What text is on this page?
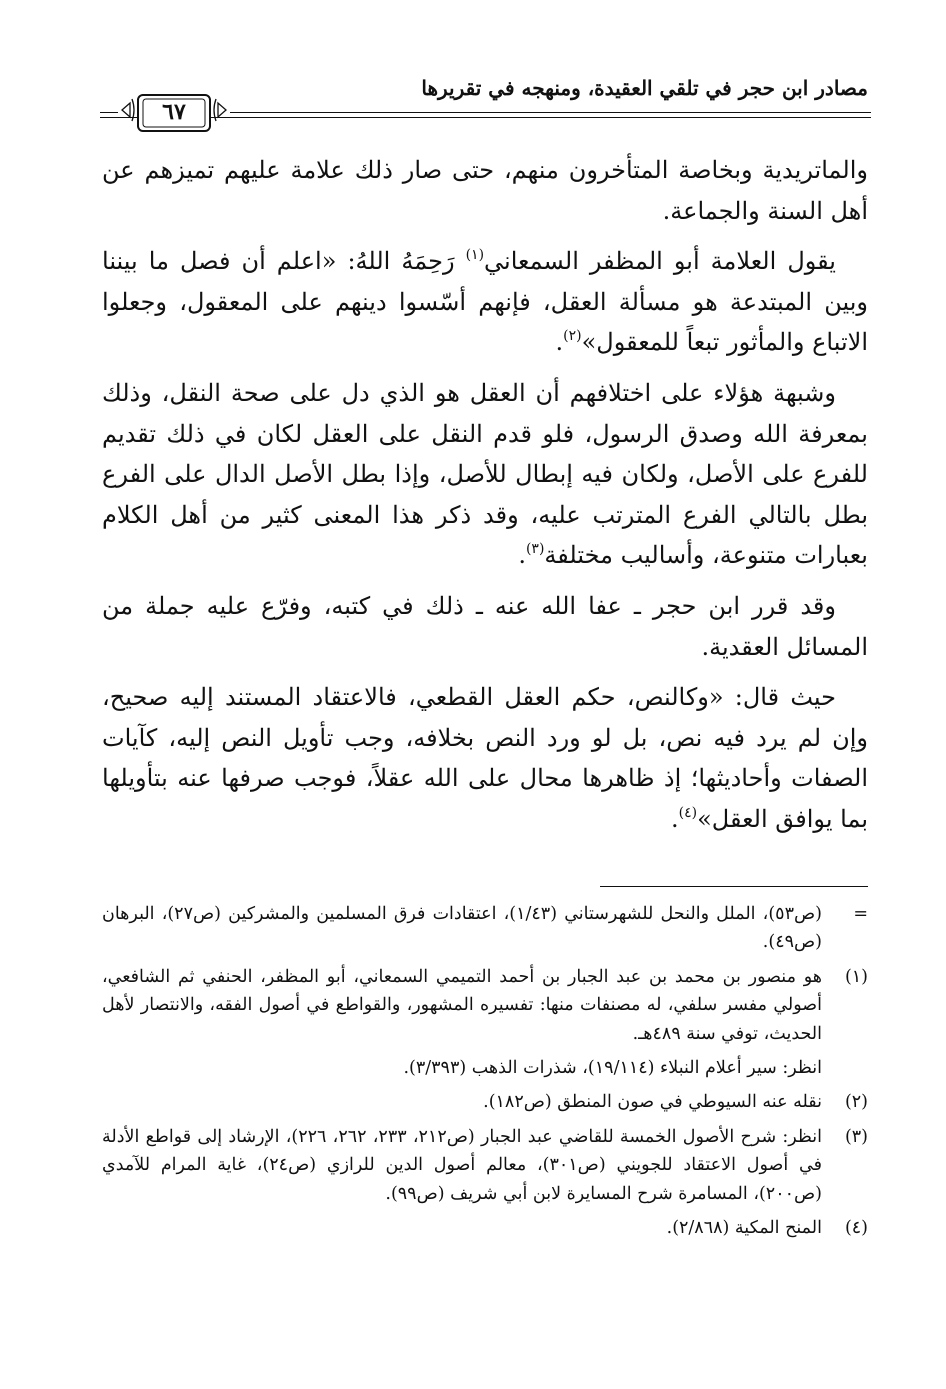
مصادر ابن حجر في تلقي العقيدة، ومنهجه في تقريرها
٦٧

والماتريدية وبخاصة المتأخرون منهم، حتى صار ذلك علامة عليهم تميزهم عن أهل السنة والجماعة.

يقول العلامة أبو المظفر السمعاني$^{(١)}$ رَحِمَهُ اللهُ: «اعلم أن فصل ما بيننا وبين المبتدعة هو مسألة العقل، فإنهم أسّسوا دينهم على المعقول، وجعلوا الاتباع والمأثور تبعاً للمعقول»$^{(٢)}$.

وشبهة هؤلاء على اختلافهم أن العقل هو الذي دل على صحة النقل، وذلك بمعرفة الله وصدق الرسول، فلو قدم النقل على العقل لكان في ذلك تقديم للفرع على الأصل، ولكان فيه إبطال للأصل، وإذا بطل الأصل الدال على الفرع بطل بالتالي الفرع المترتب عليه، وقد ذكر هذا المعنى كثير من أهل الكلام بعبارات متنوعة، وأساليب مختلفة$^{(٣)}$.

وقد قرر ابن حجر ـ عفا الله عنه ـ ذلك في كتبه، وفرّع عليه جملة من المسائل العقدية.

حيث قال: «وكالنص، حكم العقل القطعي، فالاعتقاد المستند إليه صحيح، وإن لم يرد فيه نص، بل لو ورد النص بخلافه، وجب تأويل النص إليه، كآيات الصفات وأحاديثها؛ إذ ظاهرها محال على الله عقلاً، فوجب صرفها عنه بتأويلها بما يوافق العقل»$^{(٤)}$.

=
(ص٥٣)، الملل والنحل للشهرستاني (١/٤٣)، اعتقادات فرق المسلمين والمشركين (ص٢٧)، البرهان (ص٤٩).
(١)
هو منصور بن محمد بن عبد الجبار بن أحمد التميمي السمعاني، أبو المظفر، الحنفي ثم الشافعي، أصولي مفسر سلفي، له مصنفات منها: تفسيره المشهور، والقواطع في أصول الفقه، والانتصار لأهل الحديث، توفي سنة ٤٨٩هـ.
انظر: سير أعلام النبلاء (١٩/١١٤)، شذرات الذهب (٣/٣٩٣).
(٢)
نقله عنه السيوطي في صون المنطق (ص١٨٢).
(٣)
انظر: شرح الأصول الخمسة للقاضي عبد الجبار (ص٢١٢، ٢٣٣، ٢٦٢، ٢٢٦)، الإرشاد إلى قواطع الأدلة في أصول الاعتقاد للجويني (ص٣٠١)، معالم أصول الدين للرازي (ص٢٤)، غاية المرام للآمدي (ص٢٠٠)، المسامرة شرح المسايرة لابن أبي شريف (ص٩٩).
(٤)
المنح المكية (٢/٨٦٨).
